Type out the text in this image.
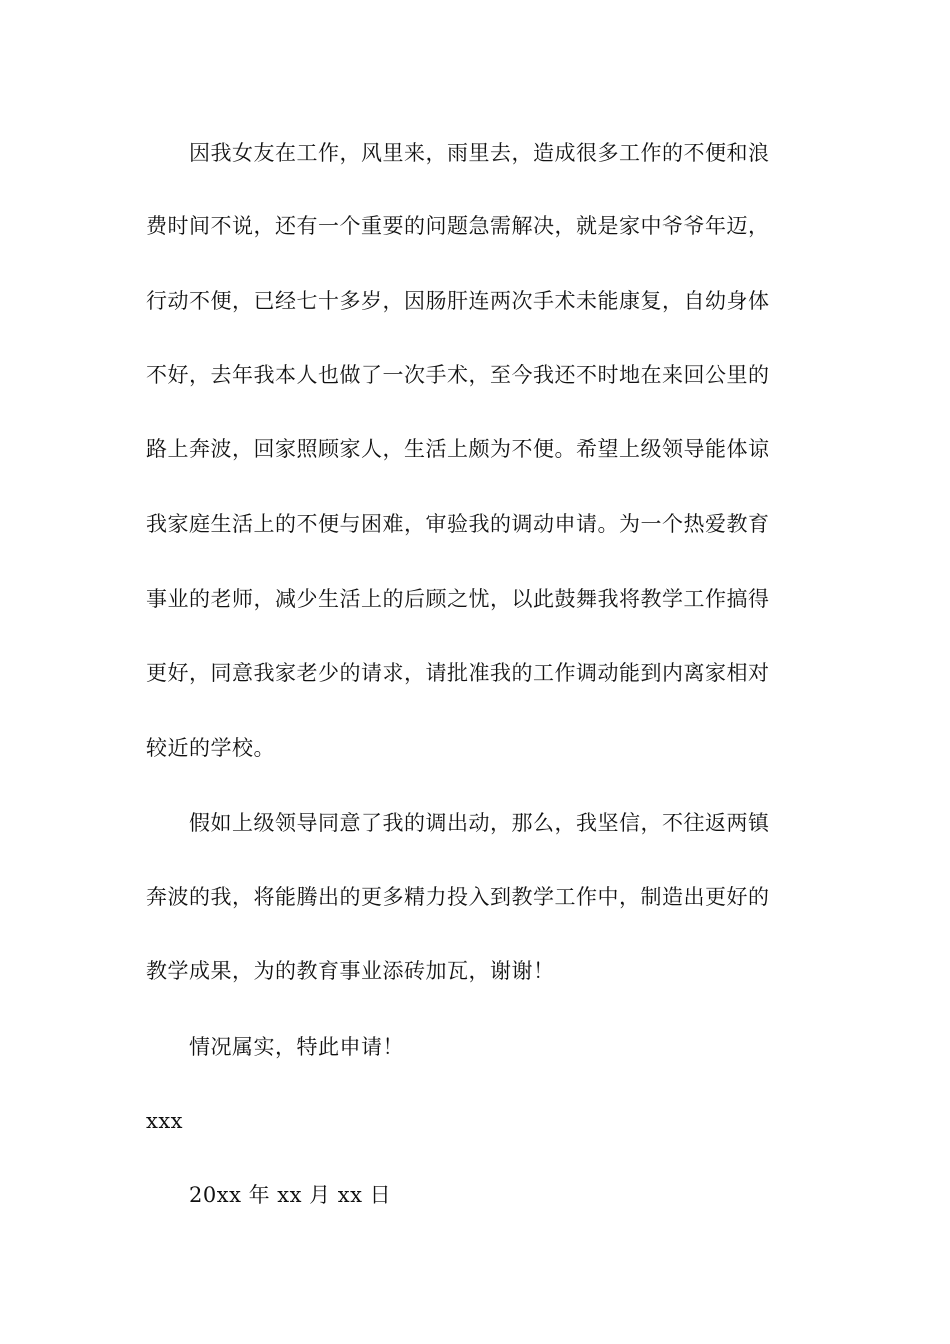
因我女友在工作，风里来，雨里去，造成很多工作的不便和浪
费时间不说，还有一个重要的问题急需解决，就是家中爷爷年迈，
行动不便，已经七十多岁，因肠肝连两次手术未能康复，自幼身体
不好，去年我本人也做了一次手术，至今我还不时地在来回公里的
路上奔波，回家照顾家人，生活上颇为不便。希望上级领导能体谅
我家庭生活上的不便与困难，审验我的调动申请。为一个热爱教育
事业的老师，减少生活上的后顾之忧，以此鼓舞我将教学工作搞得
更好，同意我家老少的请求，请批准我的工作调动能到内离家相对
较近的学校。
假如上级领导同意了我的调出动，那么，我坚信，不往返两镇
奔波的我，将能腾出的更多精力投入到教学工作中，制造出更好的
教学成果，为的教育事业添砖加瓦，谢谢！
情况属实，特此申请！
xxx
20xx 年 xx 月 xx 日
